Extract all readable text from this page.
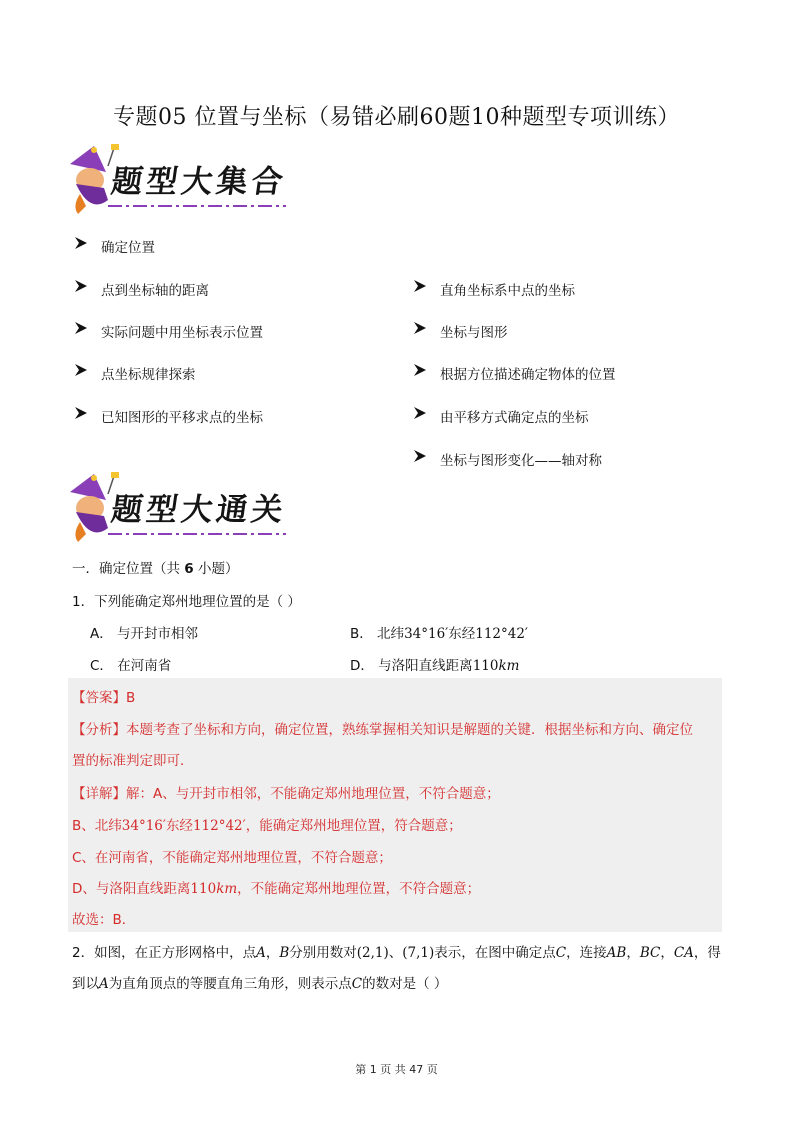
专题05 位置与坐标（易错必刷60题10种题型专项训练）
题型大集合
确定位置
点到坐标轴的距离
实际问题中用坐标表示位置
点坐标规律探索
已知图形的平移求点的坐标
直角坐标系中点的坐标
坐标与图形
根据方位描述确定物体的位置
由平移方式确定点的坐标
坐标与图形变化——轴对称
题型大通关
一．确定位置（共 6 小题）
1．下列能确定郑州地理位置的是（ ）
A． 与开封市相邻	B． 北纬34°16′东经112°42′
C． 在河南省	D． 与洛阳直线距离110km
【答案】B
【分析】本题考查了坐标和方向，确定位置，熟练掌握相关知识是解题的关键．根据坐标和方向、确定位
置的标准判定即可．
【详解】解：A、与开封市相邻，不能确定郑州地理位置，不符合题意；
B、北纬34°16′东经112°42′，能确定郑州地理位置，符合题意；
C、在河南省，不能确定郑州地理位置，不符合题意；
D、与洛阳直线距离110km，不能确定郑州地理位置，不符合题意；
故选：B．
2．如图，在正方形网格中，点A，B分别用数对(2,1)、(7,1)表示，在图中确定点C，连接AB，BC，CA，得
到以A为直角顶点的等腰直角三角形，则表示点C的数对是（ ）
第 1 页 共 47 页
